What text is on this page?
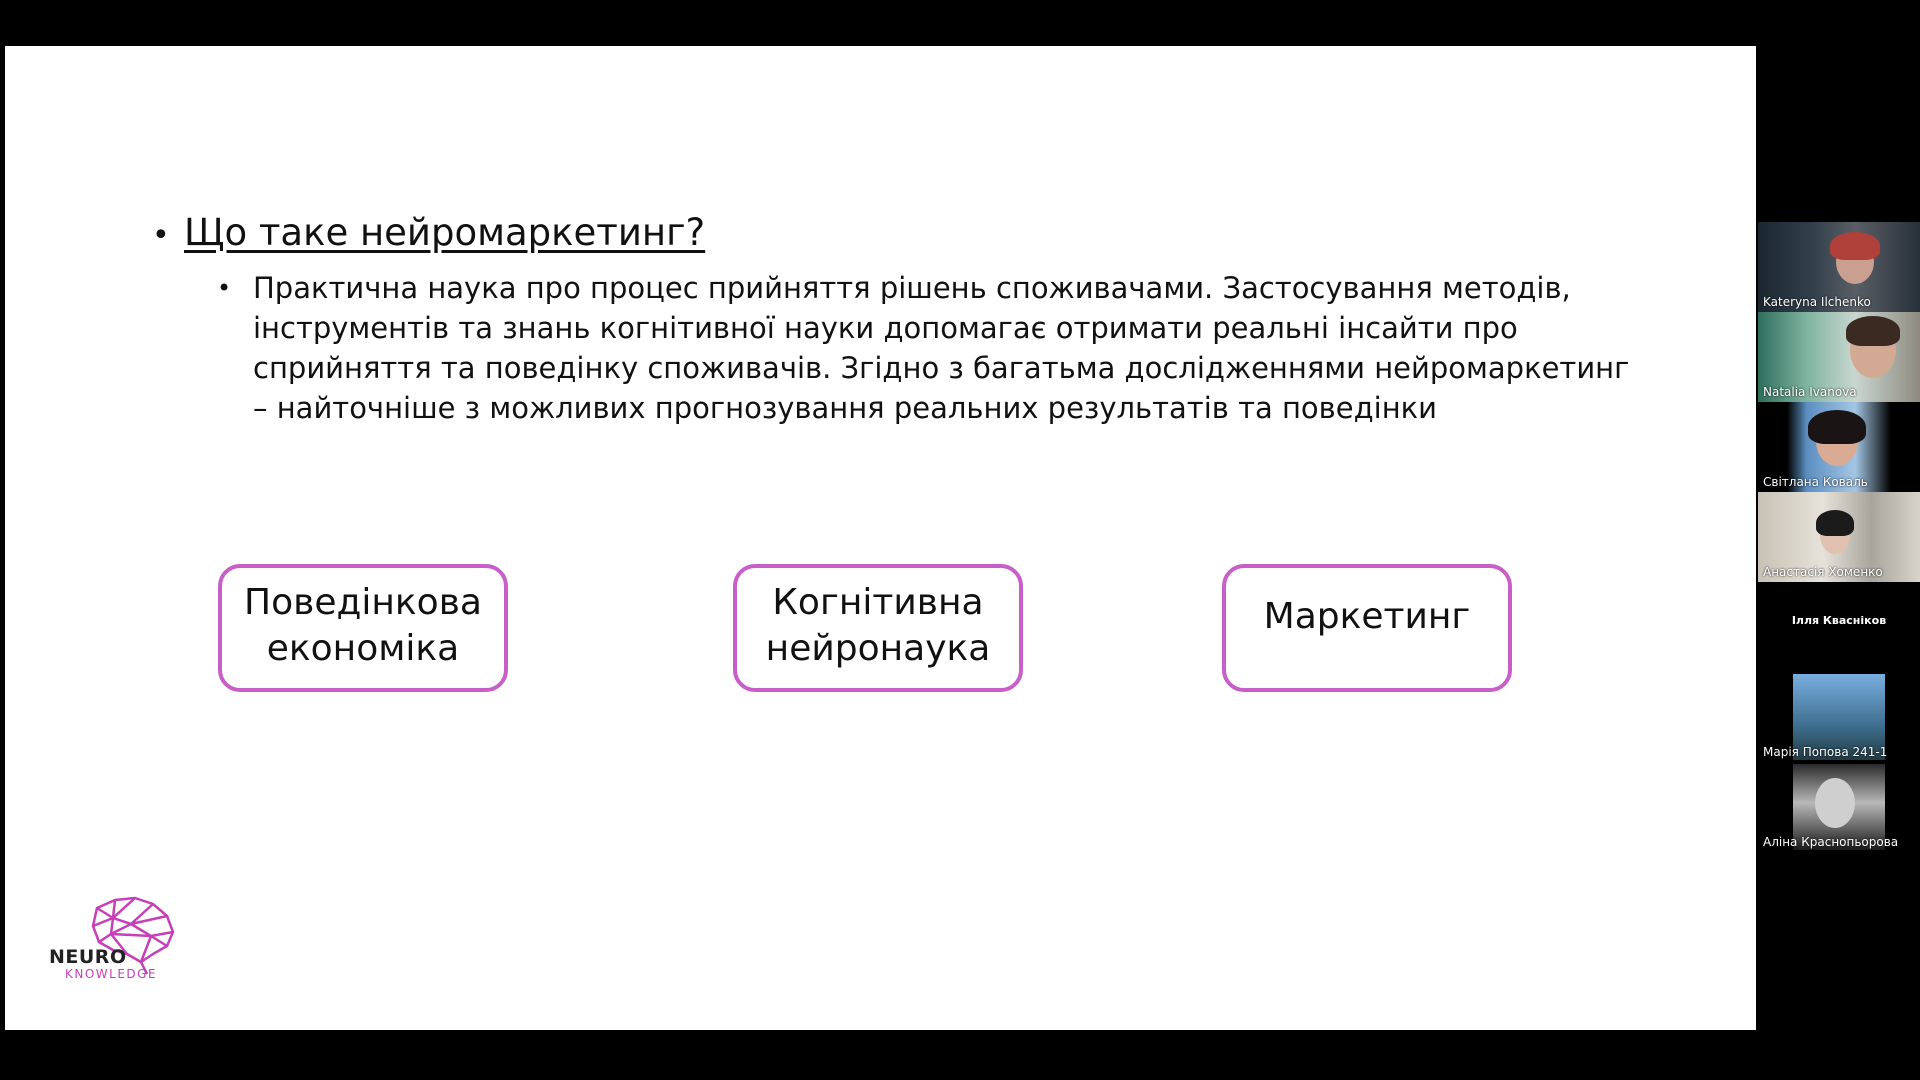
• Що таке нейромаркетинг?
• Практична наука про процес прийняття рішень споживачами. Застосування методів, інструментів та знань когнітивної науки допомагає отримати реальні інсайти про сприйняття та поведінку споживачів. Згідно з багатьма дослідженнями нейромаркетинг – найточніше з можливих прогнозування реальних результатів та поведінки
Поведінкова
економіка
Когнітивна
нейронаука
Маркетинг
NEURO
KNOWLEDGE
Kateryna Ilchenko
Natalia Ivanova
Світлана Коваль
Анастасія Хоменко
Ілля Квасніков
Марія Попова 241-1
Аліна Краснопьорова
